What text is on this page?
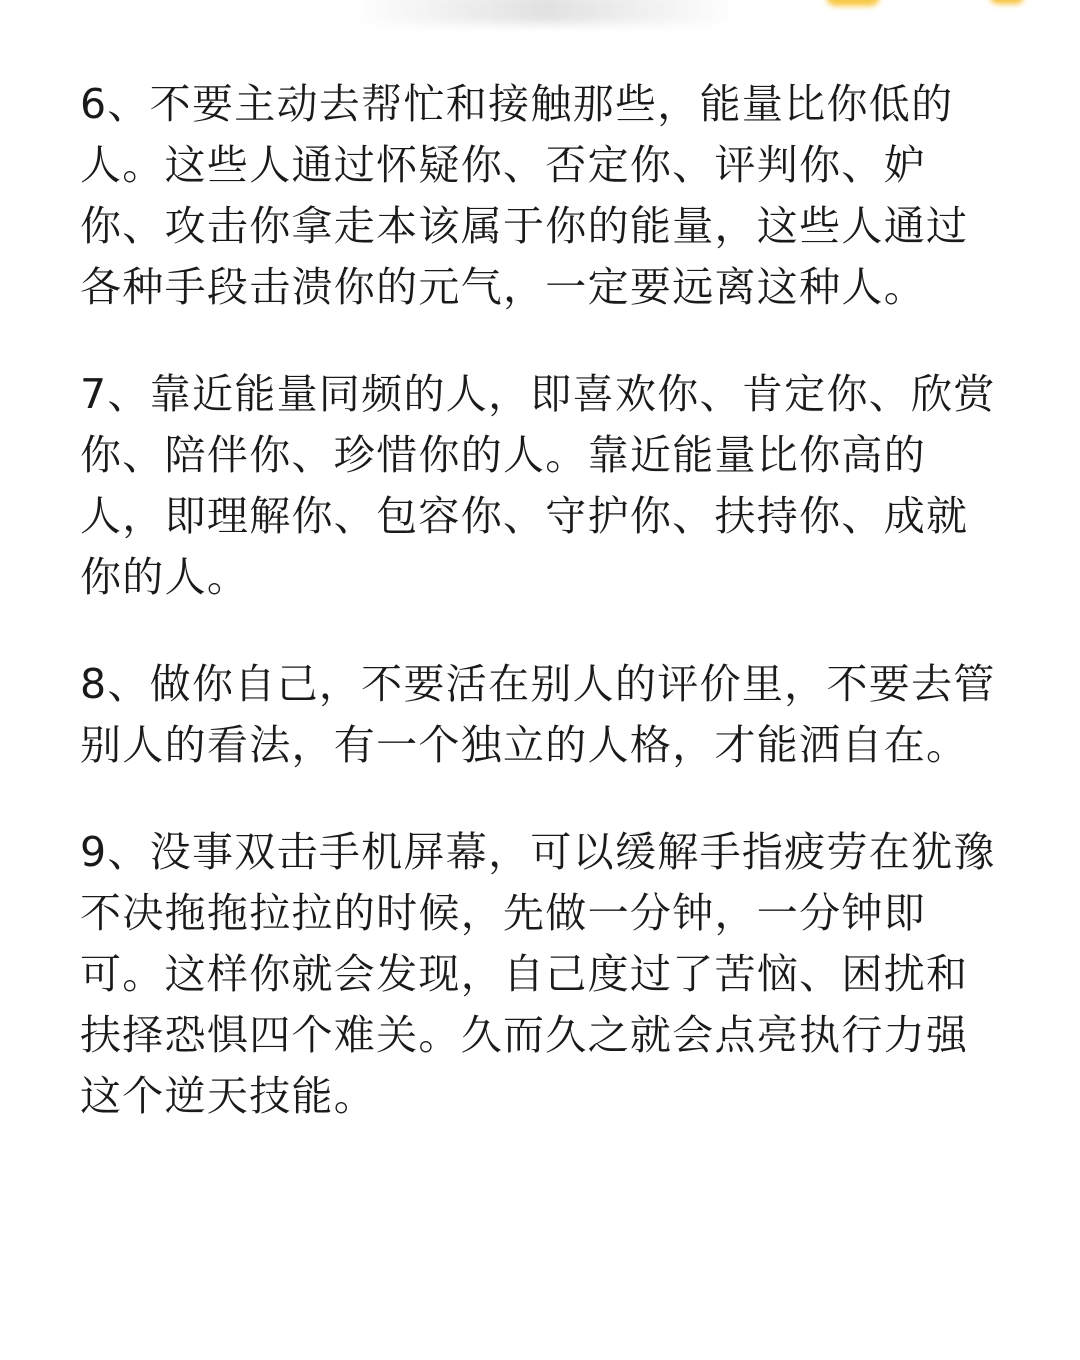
6、不要主动去帮忙和接触那些，能量比你低的人。这些人通过怀疑你、否定你、评判你、妒你、攻击你拿走本该属于你的能量，这些人通过各种手段击溃你的元气，一定要远离这种人。

7、靠近能量同频的人，即喜欢你、肯定你、欣赏你、陪伴你、珍惜你的人。靠近能量比你高的人，即理解你、包容你、守护你、扶持你、成就你的人。

8、做你自己，不要活在别人的评价里，不要去管别人的看法，有一个独立的人格，才能洒自在。

9、没事双击手机屏幕，可以缓解手指疲劳在犹豫不决拖拖拉拉的时候，先做一分钟，一分钟即可。这样你就会发现，自己度过了苦恼、困扰和扶择恐惧四个难关。久而久之就会点亮执行力强这个逆天技能。
